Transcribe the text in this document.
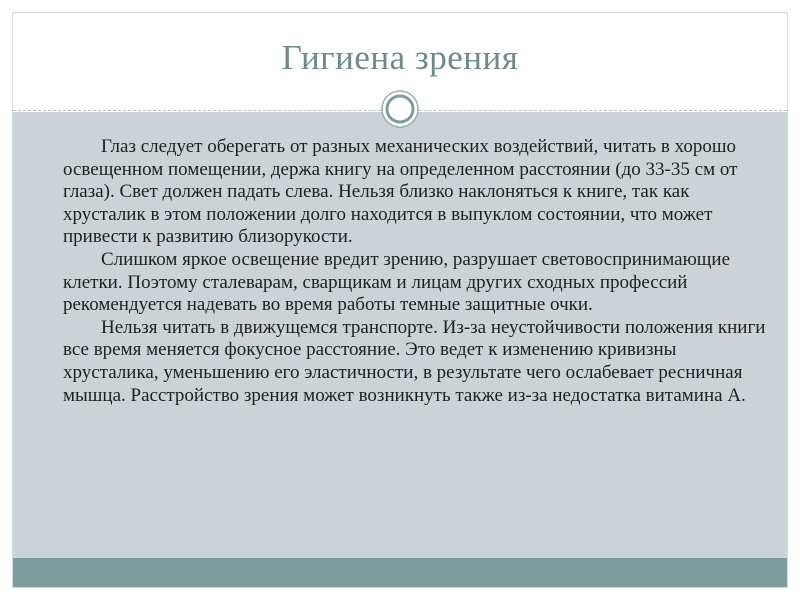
Гигиена зрения

Глаз следует оберегать от разных механических воздействий, читать в хорошо освещенном помещении, держа книгу на определенном расстоянии (до 33-35 см от глаза). Свет должен падать слева. Нельзя близко наклоняться к книге, так как хрусталик в этом положении долго находится в выпуклом состоянии, что может привести к развитию близорукости.

Слишком яркое освещение вредит зрению, разрушает световоспринимающие клетки. Поэтому сталеварам, сварщикам и лицам других сходных профессий рекомендуется надевать во время работы темные защитные очки.

Нельзя читать в движущемся транспорте. Из-за неустойчивости положения книги все время меняется фокусное расстояние. Это ведет к изменению кривизны хрусталика, уменьшению его эластичности, в результате чего ослабевает ресничная мышца. Расстройство зрения может возникнуть также из-за недостатка витамина А.
